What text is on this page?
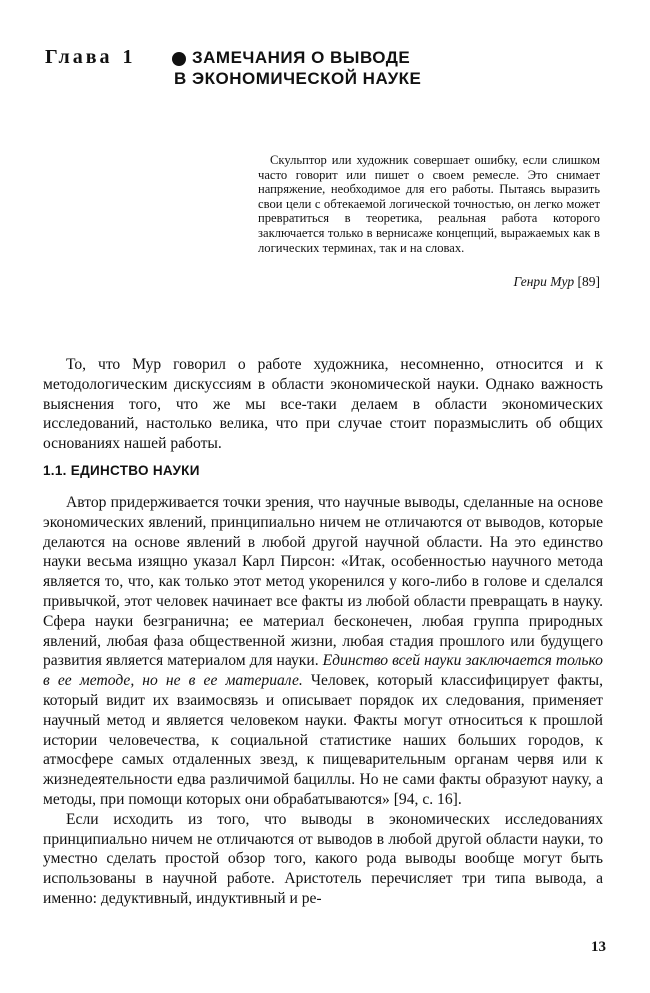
Глава 1	ЗАМЕЧАНИЯ О ВЫВОДЕ
В ЭКОНОМИЧЕСКОЙ НАУКЕ

Скульптор или художник совершает ошибку, если слишком часто говорит или пишет о своем ремесле. Это снимает напряжение, необходимое для его работы. Пытаясь выразить свои цели с обтекаемой логической точностью, он легко может превратиться в теоретика, реальная работа которого заключается только в вернисаже концепций, выражаемых как в логических терминах, так и на словах.

Генри Мур [89]

То, что Мур говорил о работе художника, несомненно, относится и к методологическим дискуссиям в области экономической науки. Однако важность выяснения того, что же мы все-таки делаем в области экономических исследований, настолько велика, что при случае стоит поразмыслить об общих основаниях нашей работы.

1.1. ЕДИНСТВО НАУКИ

Автор придерживается точки зрения, что научные выводы, сделанные на основе экономических явлений, принципиально ничем не отличаются от выводов, которые делаются на основе явлений в любой другой научной области. На это единство науки весьма изящно указал Карл Пирсон: «Итак, особенностью научного метода является то, что, как только этот метод укоренился у кого-либо в голове и сделался привычкой, этот человек начинает все факты из любой области превращать в науку. Сфера науки безгранична; ее материал бесконечен, любая группа природных явлений, любая фаза общественной жизни, любая стадия прошлого или будущего развития является материалом для науки. Единство всей науки заключается только в ее методе, но не в ее материале. Человек, который классифицирует факты, который видит их взаимосвязь и описывает порядок их следования, применяет научный метод и является человеком науки. Факты могут относиться к прошлой истории человечества, к социальной статистике наших больших городов, к атмосфере самых отдаленных звезд, к пищеварительным органам червя или к жизнедеятельности едва различимой бациллы. Но не сами факты образуют науку, а методы, при помощи которых они обрабатываются» [94, с. 16].

Если исходить из того, что выводы в экономических исследованиях принципиально ничем не отличаются от выводов в любой другой области науки, то уместно сделать простой обзор того, какого рода выводы вообще могут быть использованы в научной работе. Аристотель перечисляет три типа вывода, а именно: дедуктивный, индуктивный и ре-

13
